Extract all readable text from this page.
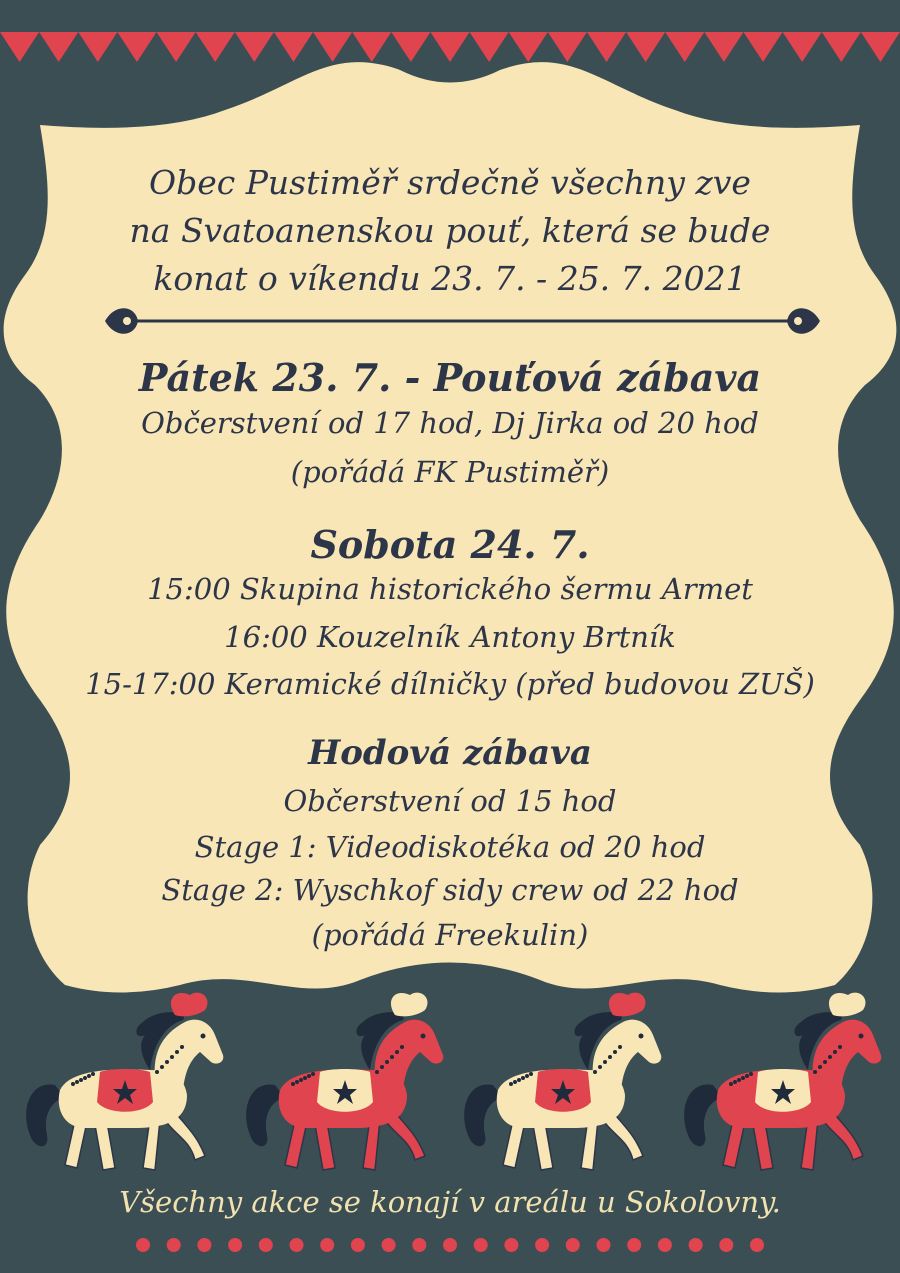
Obec Pustiměř srdečně všechny zve
na Svatoanenskou pouť, která se bude
konat o víkendu 23. 7. - 25. 7. 2021
Pátek 23. 7. - Pouťová zábava
Občerstvení od 17 hod, Dj Jirka od 20 hod
(pořádá FK Pustiměř)
Sobota 24. 7.
15:00 Skupina historického šermu Armet
16:00 Kouzelník Antony Brtník
15-17:00 Keramické dílničky (před budovou ZUŠ)
Hodová zábava
Občerstvení od 15 hod
Stage 1: Videodiskotéka od 20 hod
Stage 2: Wyschkof sidy crew od 22 hod
(pořádá Freekulin)
Všechny akce se konají v areálu u Sokolovny.
